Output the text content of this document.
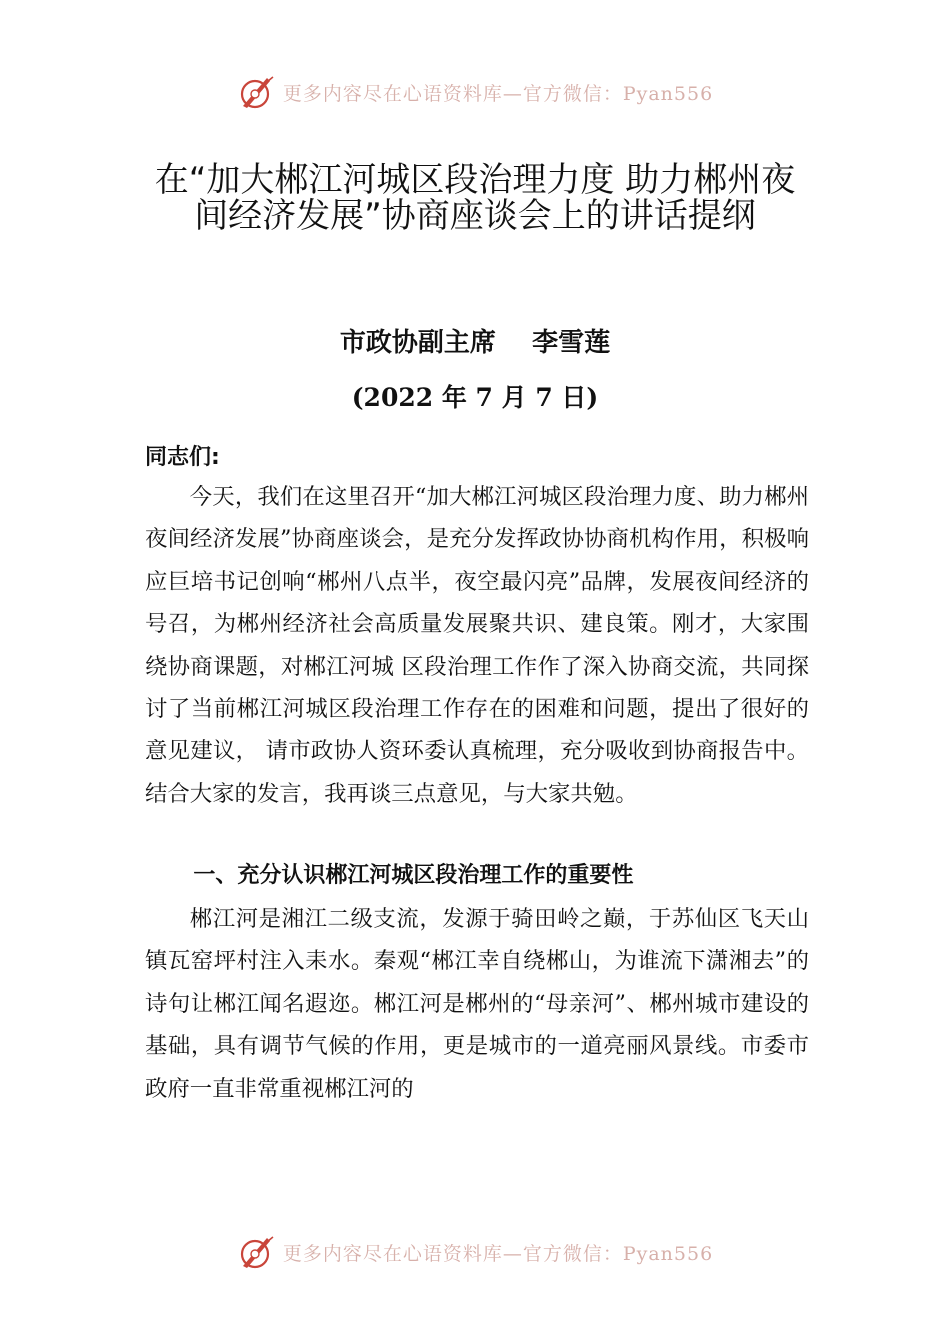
更多内容尽在心语资料库—官方微信：Pyan556
在“加大郴江河城区段治理力度 助力郴州夜间经济发展”协商座谈会上的讲话提纲

市政协副主席    李雪莲

(2022 年 7 月 7 日)

同志们:

今天，我们在这里召开“加大郴江河城区段治理力度、助力郴州夜间经济发展”协商座谈会，是充分发挥政协协商机构作用，积极响应巨培书记创响“郴州八点半，夜空最闪亮”品牌，发展夜间经济的号召，为郴州经济社会高质量发展聚共识、建良策。刚才，大家围绕协商课题，对郴江河城 区段治理工作作了深入协商交流，共同探讨了当前郴江河城区段治理工作存在的困难和问题，提出了很好的意见建议， 请市政协人资环委认真梳理，充分吸收到协商报告中。结合大家的发言，我再谈三点意见，与大家共勉。

一、充分认识郴江河城区段治理工作的重要性

郴江河是湘江二级支流，发源于骑田岭之巅，于苏仙区飞天山镇瓦窑坪村注入耒水。秦观“郴江幸自绕郴山，为谁流下潇湘去”的诗句让郴江闻名遐迩。郴江河是郴州的“母亲河”、郴州城市建设的基础，具有调节气候的作用，更是城市的一道亮丽风景线。市委市政府一直非常重视郴江河的

更多内容尽在心语资料库—官方微信：Pyan556
